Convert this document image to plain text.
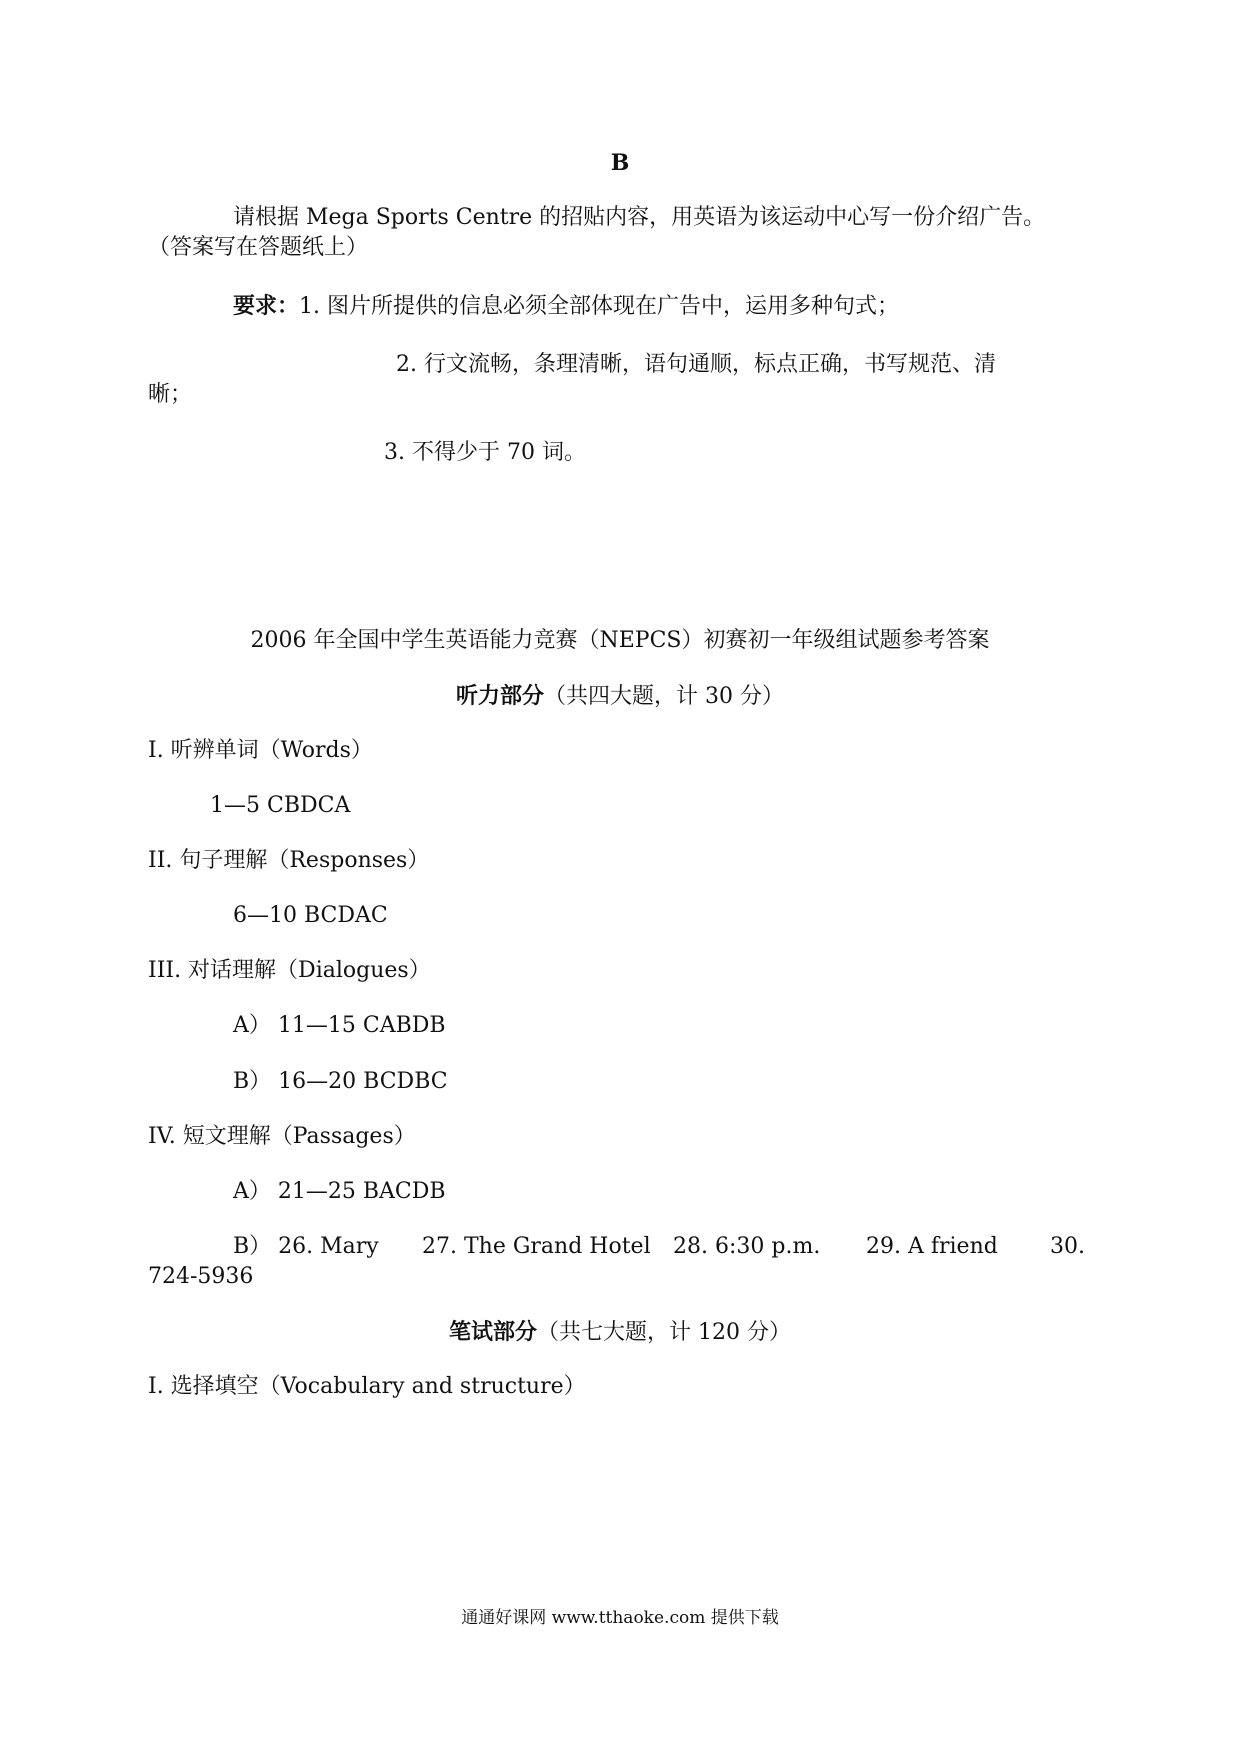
B
请根据 Mega Sports Centre 的招贴内容，用英语为该运动中心写一份介绍广告。
（答案写在答题纸上）
要求：1. 图片所提供的信息必须全部体现在广告中，运用多种句式；
2. 行文流畅，条理清晰，语句通顺，标点正确，书写规范、清
晰；
3. 不得少于 70 词。
2006 年全国中学生英语能力竞赛（NEPCS）初赛初一年级组试题参考答案
听力部分（共四大题，计 30 分）
I. 听辨单词（Words）
1—5 CBDCA
II. 句子理解（Responses）
6—10 BCDAC
III. 对话理解（Dialogues）
A） 11—15 CABDB
B） 16—20 BCDBC
IV. 短文理解（Passages）
A） 21—25 BACDB
B） 26. Mary 27. The Grand Hotel 28. 6:30 p.m. 29. A friend 30.
724-5936
笔试部分（共七大题，计 120 分）
I. 选择填空（Vocabulary and structure）
通通好课网 www.tthaoke.com 提供下载
